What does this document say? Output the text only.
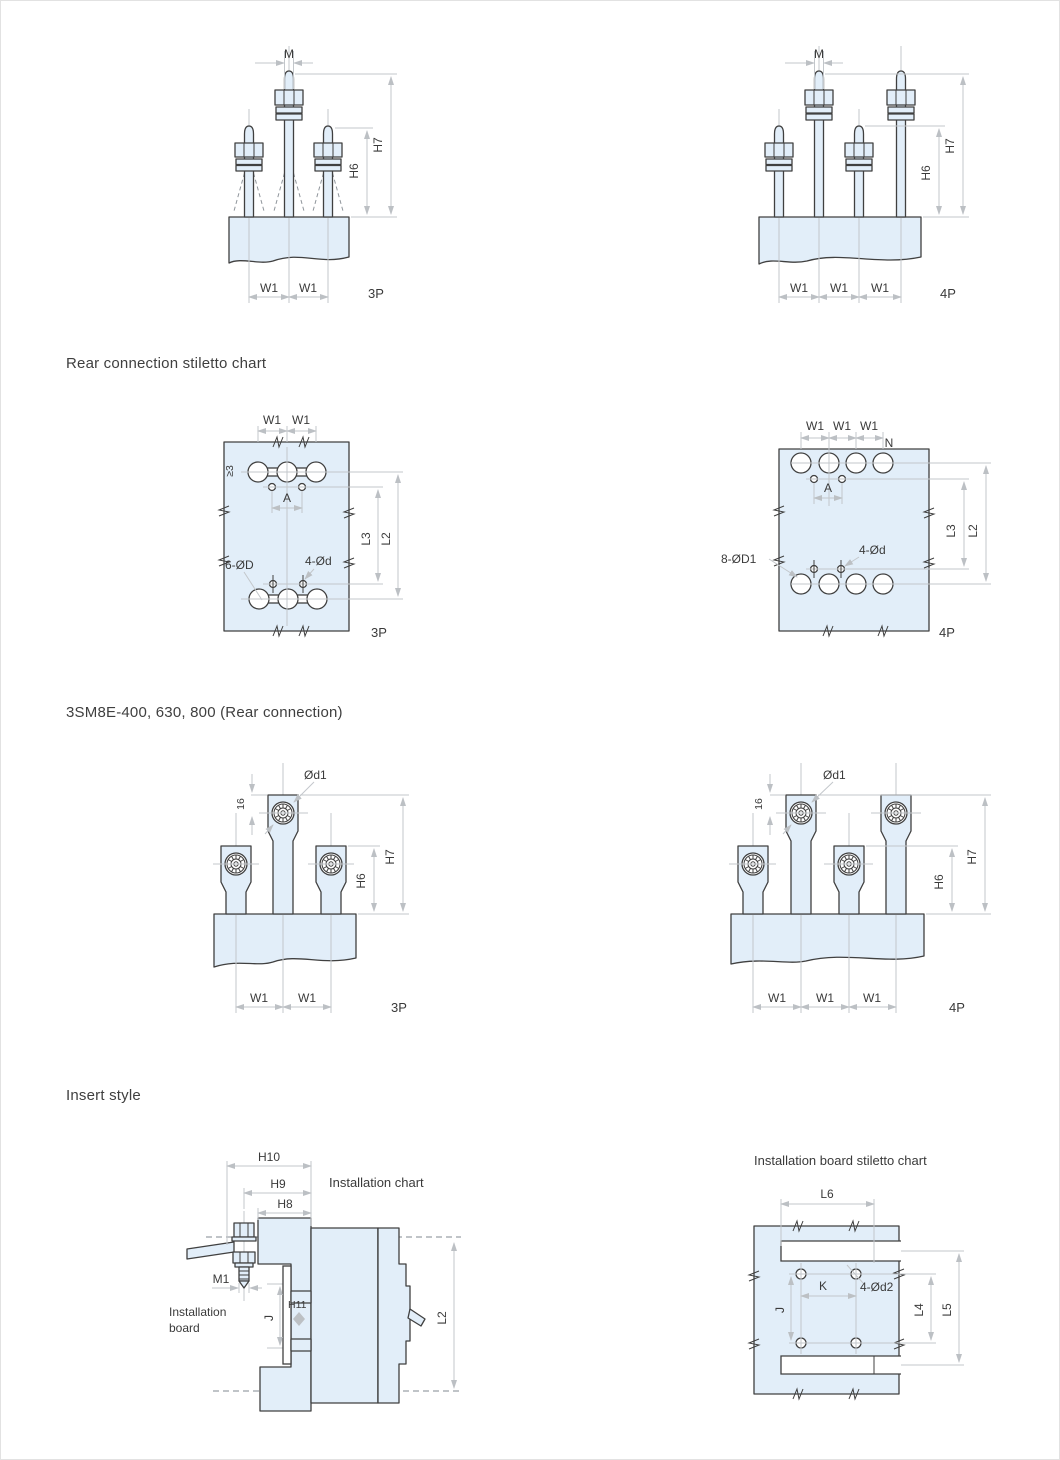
Rear connection stiletto chart
3SM8E-400, 630, 800 (Rear connection)
Insert style
Installation chart
Installation board stiletto chart
Installation
board
M
H7
H6
W1 W1	3P
M
H7
H6
W1 W1 W1	4P
W1 W1
≥3
A
6-ØD	4-Ød
L3 L2
3P
W1 W1 W1
N
A
8-ØD1
4-Ød
L3 L2
4P
Ød1
16
H7
H6
W1	W1
3P
Ød1
16
H7
H6
W1	W1 W1
4P
H10
H9
H8
M1
J
H11
L2
L6
K
J
4-Ød2
L4 L5
